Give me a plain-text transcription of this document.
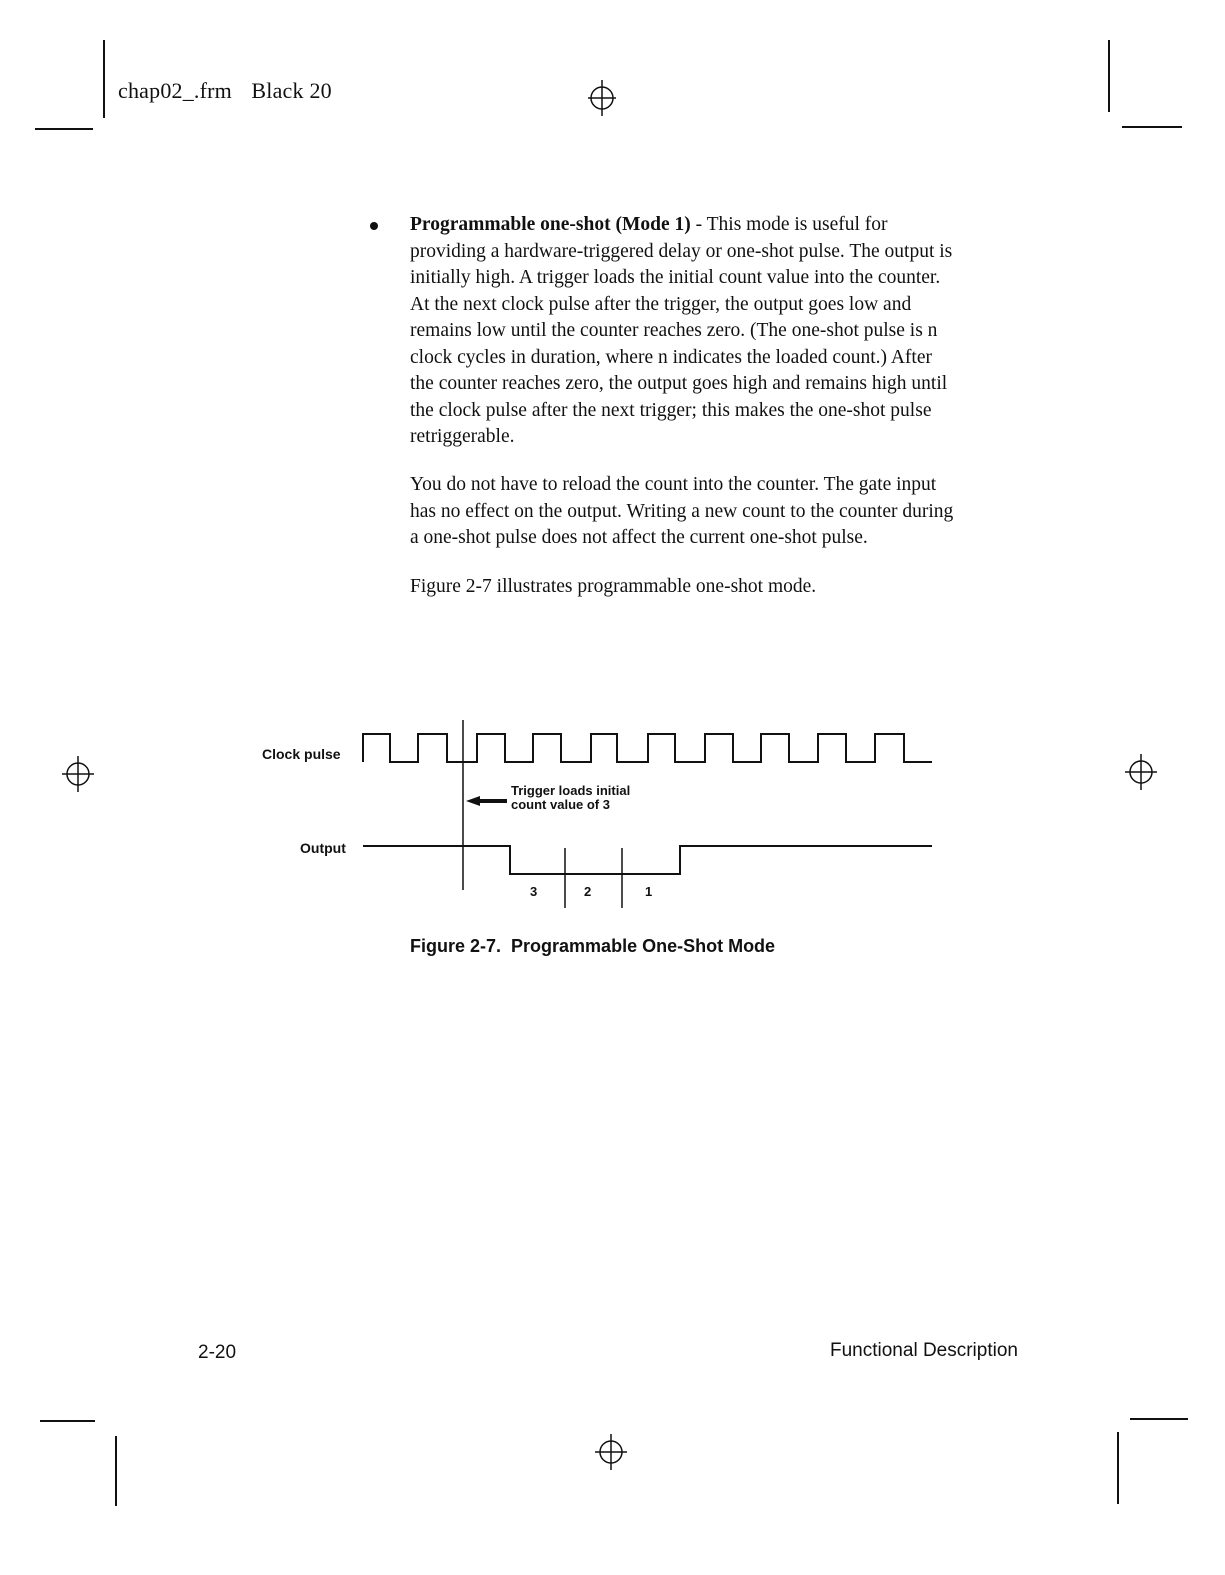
chap02_.frm Black 20
Programmable one-shot (Mode 1) - This mode is useful for
providing a hardware-triggered delay or one-shot pulse. The output is
initially high. A trigger loads the initial count value into the counter.
At the next clock pulse after the trigger, the output goes low and
remains low until the counter reaches zero. (The one-shot pulse is n
clock cycles in duration, where n indicates the loaded count.) After
the counter reaches zero, the output goes high and remains high until
the clock pulse after the next trigger; this makes the one-shot pulse
retriggerable.
You do not have to reload the count into the counter. The gate input
has no effect on the output. Writing a new count to the counter during
a one-shot pulse does not affect the current one-shot pulse.
Figure 2-7 illustrates programmable one-shot mode.
Clock pulse
Output
Trigger loads initial
count value of 3
3	2	1
Figure 2-7. Programmable One-Shot Mode
2-20	Functional Description
